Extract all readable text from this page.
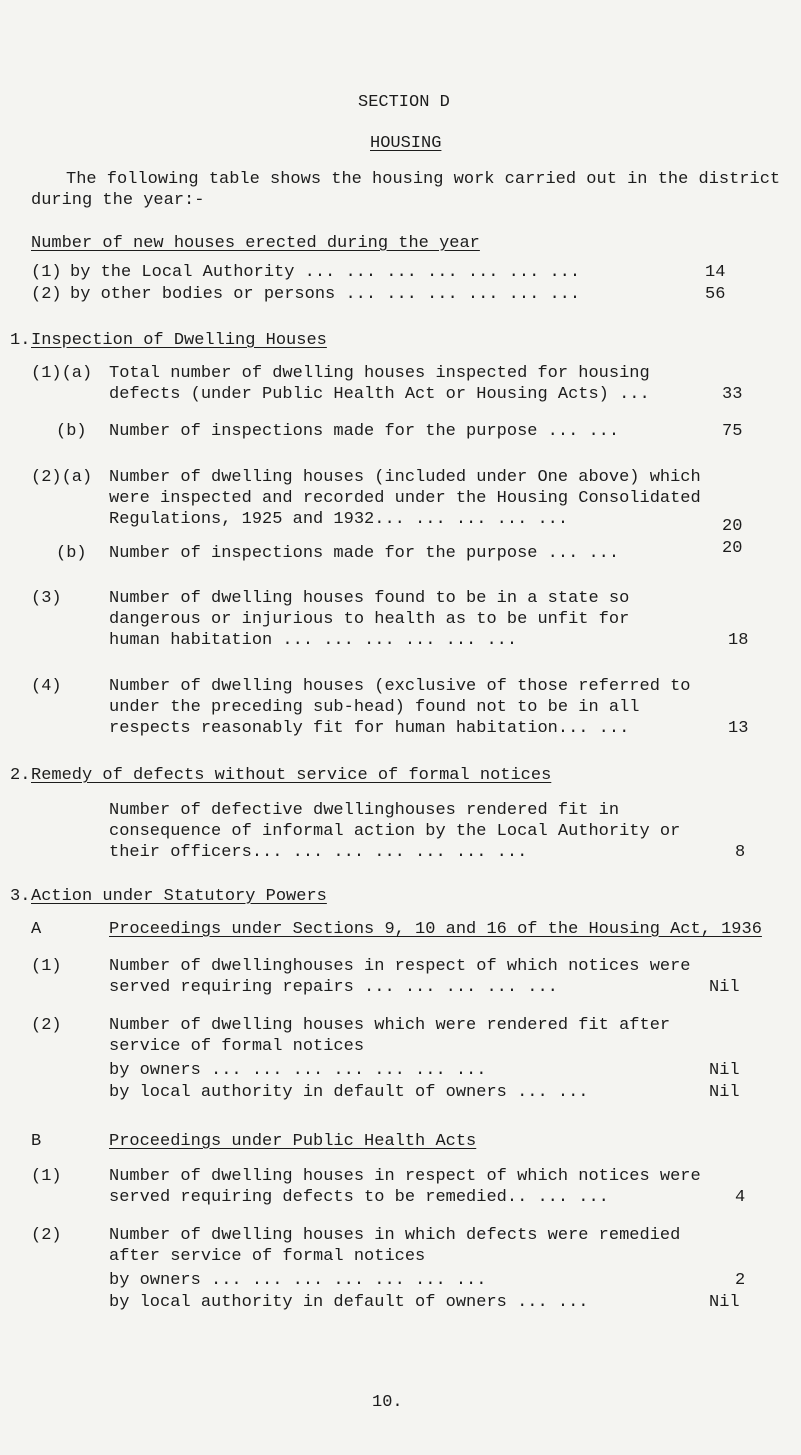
SECTION D
HOUSING
The following table shows the housing work carried out in the district
during the year:-
Number of new houses erected during the year
(1) by the Local Authority ... ... ... ... ... ... ...	14
(2) by other bodies or persons ... ... ... ... ... ...	56
1. Inspection of Dwelling Houses
(1)(a) Total number of dwelling houses inspected for housing
defects (under Public Health Act or Housing Acts) ...	33
(b) Number of inspections made for the purpose ... ...	75
(2)(a) Number of dwelling houses (included under One above) which
were inspected and recorded under the Housing Consolidated
Regulations, 1925 and 1932... ... ... ... ...	20
(b) Number of inspections made for the purpose ... ...	20
(3)	Number of dwelling houses found to be in a state so
dangerous or injurious to health as to be unfit for
human habitation ... ... ... ... ... ...	18
(4)	Number of dwelling houses (exclusive of those referred to
under the preceding sub-head) found not to be in all
respects reasonably fit for human habitation... ...	13
2. Remedy of defects without service of formal notices
Number of defective dwellinghouses rendered fit in
consequence of informal action by the Local Authority or
their officers... ... ... ... ... ... ...	8
3. Action under Statutory Powers
A	Proceedings under Sections 9, 10 and 16 of the Housing Act, 1936
(1)	Number of dwellinghouses in respect of which notices were
served requiring repairs ... ... ... ... ...	Nil
(2)	Number of dwelling houses which were rendered fit after
service of formal notices
by owners ... ... ... ... ... ... ...	Nil
by local authority in default of owners ... ...	Nil
B	Proceedings under Public Health Acts
(1)	Number of dwelling houses in respect of which notices were
served requiring defects to be remedied.. ... ...	4
(2)	Number of dwelling houses in which defects were remedied
after service of formal notices
by owners ... ... ... ... ... ... ...	2
by local authority in default of owners ... ...	Nil
10.
